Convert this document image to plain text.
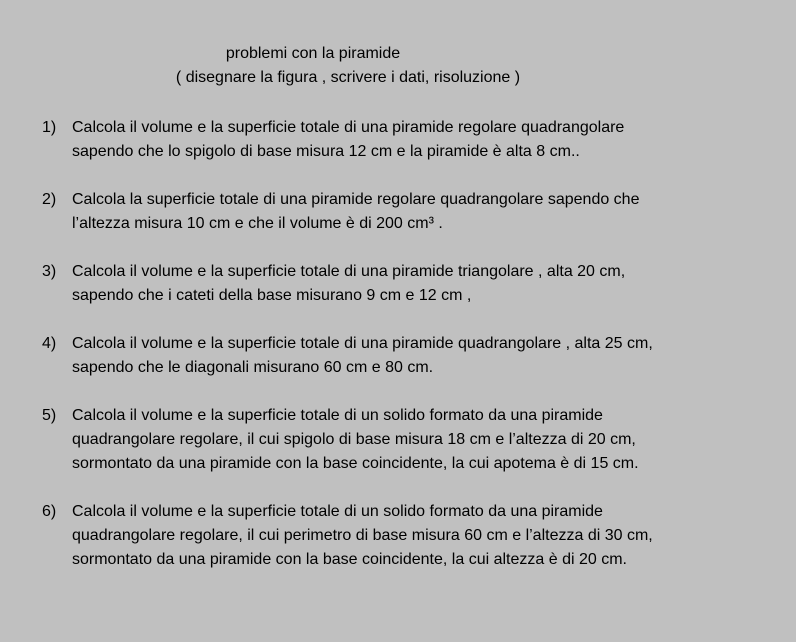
problemi con la piramide

( disegnare la figura , scrivere i dati, risoluzione )

1) Calcola il volume e la superficie totale di una piramide regolare quadrangolare
sapendo che lo spigolo di base misura 12 cm e la piramide è alta 8 cm..
2) Calcola la superficie totale di una piramide regolare quadrangolare sapendo che
l’altezza misura 10 cm e che il volume è di 200 cm³ .
3) Calcola il volume e la superficie totale di una piramide triangolare , alta 20 cm,
sapendo che i cateti della base misurano 9 cm e 12 cm ,
4) Calcola il volume e la superficie totale di una piramide quadrangolare , alta 25 cm,
sapendo che le diagonali misurano 60 cm e 80 cm.
5) Calcola il volume e la superficie totale di un solido formato da una piramide
quadrangolare regolare, il cui spigolo di base misura 18 cm e l’altezza di 20 cm,
sormontato da una piramide con la base coincidente, la cui apotema è di 15 cm.
6) Calcola il volume e la superficie totale di un solido formato da una piramide
quadrangolare regolare, il cui perimetro di base misura 60 cm e l’altezza di 30 cm,
sormontato da una piramide con la base coincidente, la cui altezza è di 20 cm.
